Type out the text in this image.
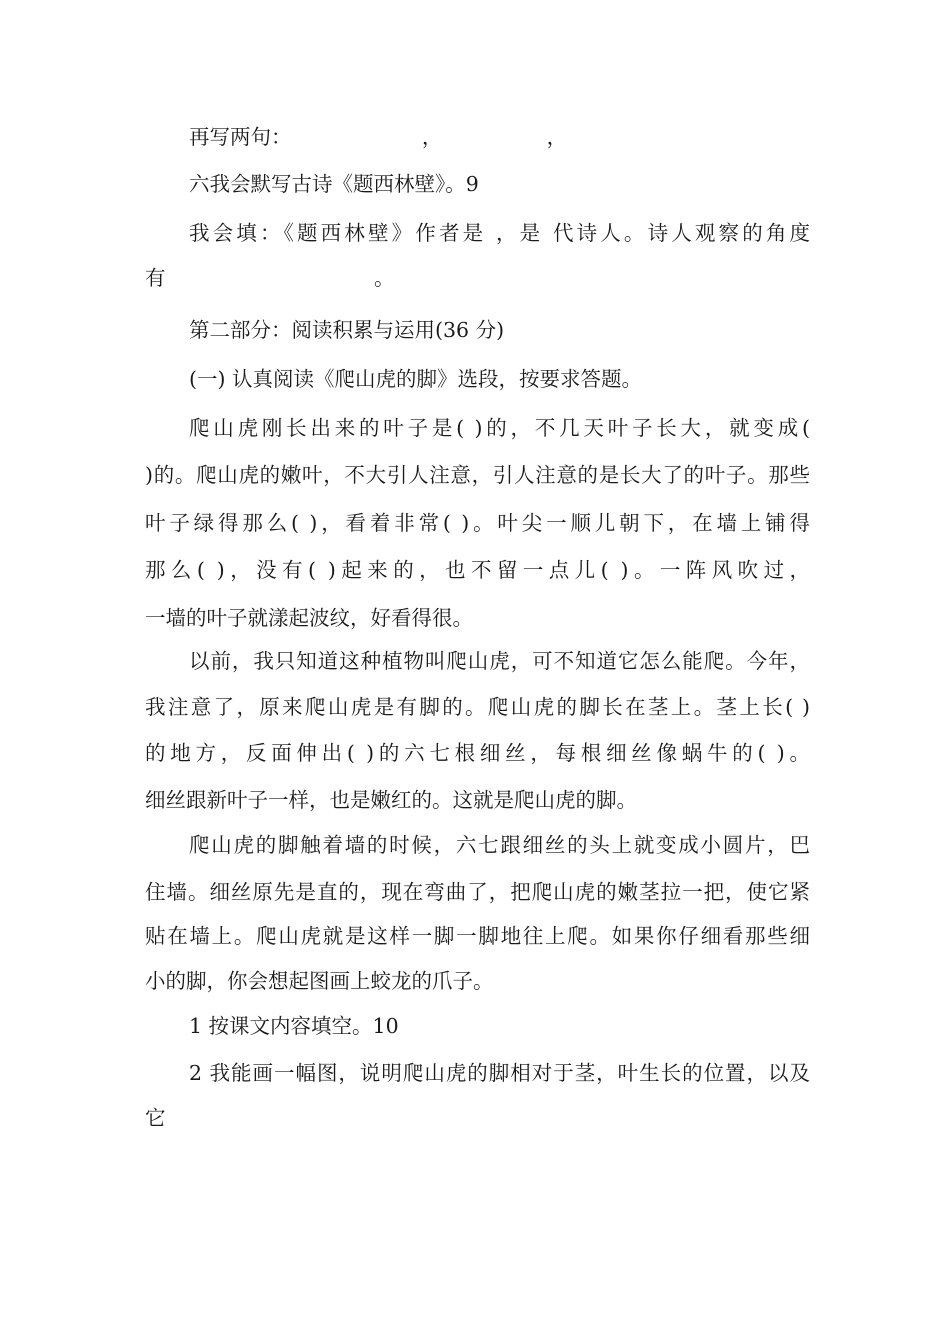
再写两句：                    ，                ，
六我会默写古诗《题西林壁》。9
我会填：《题西林壁》作者是 ，是 代诗人。诗人观察的角度
有                                。
第二部分：阅读积累与运用(36 分)
(一) 认真阅读《爬山虎的脚》选段，按要求答题。
爬山虎刚长出来的叶子是( )的，不几天叶子长大，就变成(
)的。爬山虎的嫩叶，不大引人注意，引人注意的是长大了的叶子。那些
叶子绿得那么( )，看着非常( )。叶尖一顺儿朝下，在墙上铺得
那么( )，没有( )起来的，也不留一点儿( )。一阵风吹过，
一墙的叶子就漾起波纹，好看得很。
以前，我只知道这种植物叫爬山虎，可不知道它怎么能爬。今年，
我注意了，原来爬山虎是有脚的。爬山虎的脚长在茎上。茎上长( )
的地方，反面伸出( )的六七根细丝，每根细丝像蜗牛的( )。
细丝跟新叶子一样，也是嫩红的。这就是爬山虎的脚。
爬山虎的脚触着墙的时候，六七跟细丝的头上就变成小圆片，巴
住墙。细丝原先是直的，现在弯曲了，把爬山虎的嫩茎拉一把，使它紧
贴在墙上。爬山虎就是这样一脚一脚地往上爬。如果你仔细看那些细
小的脚，你会想起图画上蛟龙的爪子。
1 按课文内容填空。10
2 我能画一幅图，说明爬山虎的脚相对于茎，叶生长的位置，以及
它
